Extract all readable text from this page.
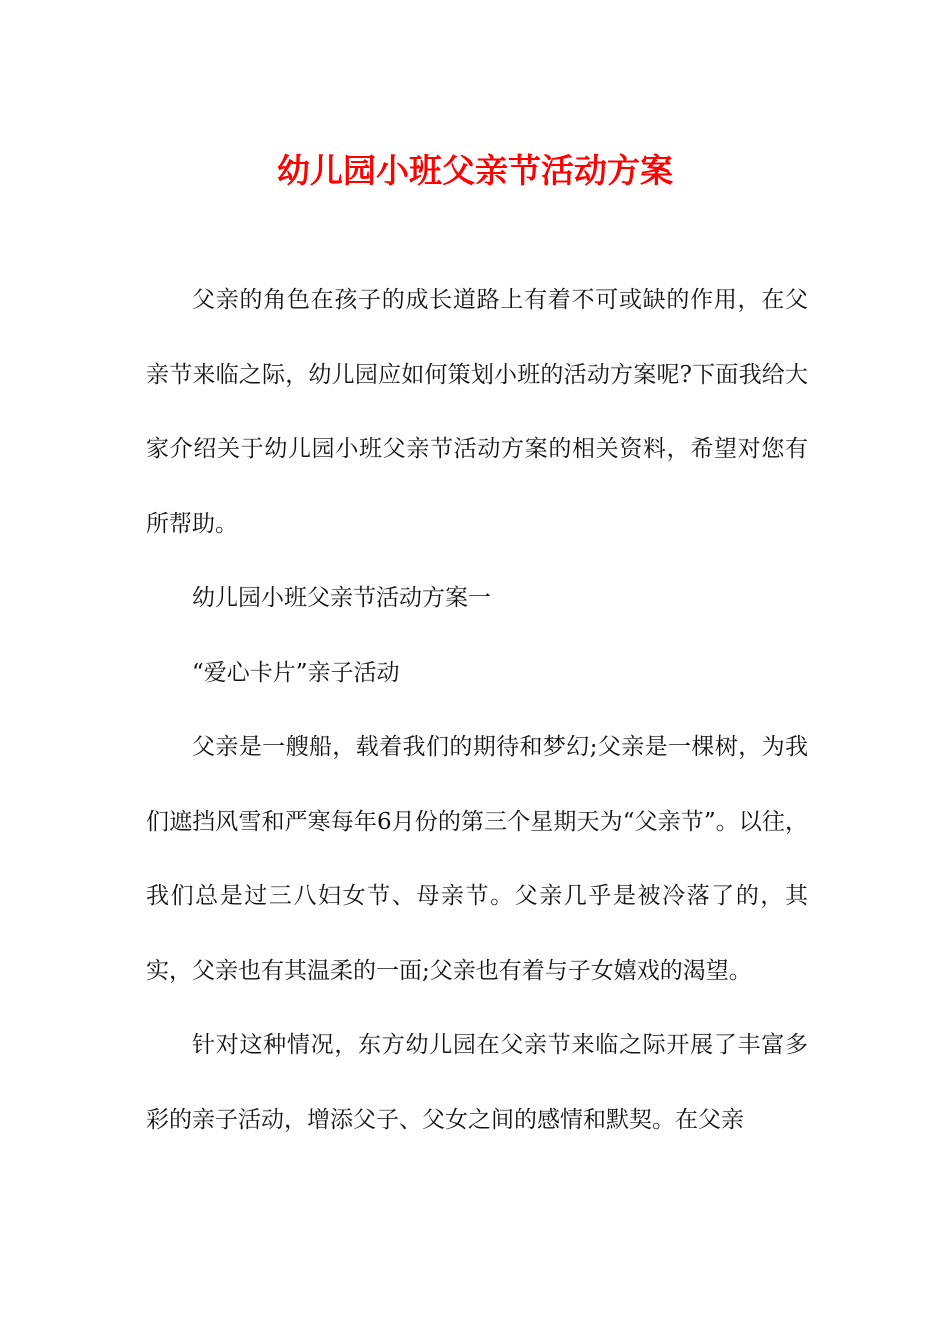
幼儿园小班父亲节活动方案

父亲的角色在孩子的成长道路上有着不可或缺的作用，在父亲节来临之际，幼儿园应如何策划小班的活动方案呢?下面我给大家介绍关于幼儿园小班父亲节活动方案的相关资料，希望对您有所帮助。

幼儿园小班父亲节活动方案一

“爱心卡片”亲子活动

父亲是一艘船，载着我们的期待和梦幻;父亲是一棵树，为我们遮挡风雪和严寒每年6月份的第三个星期天为“父亲节”。以往，我们总是过三八妇女节、母亲节。父亲几乎是被冷落了的，其实，父亲也有其温柔的一面;父亲也有着与子女嬉戏的渴望。

针对这种情况，东方幼儿园在父亲节来临之际开展了丰富多彩的亲子活动，增添父子、父女之间的感情和默契。在父亲
